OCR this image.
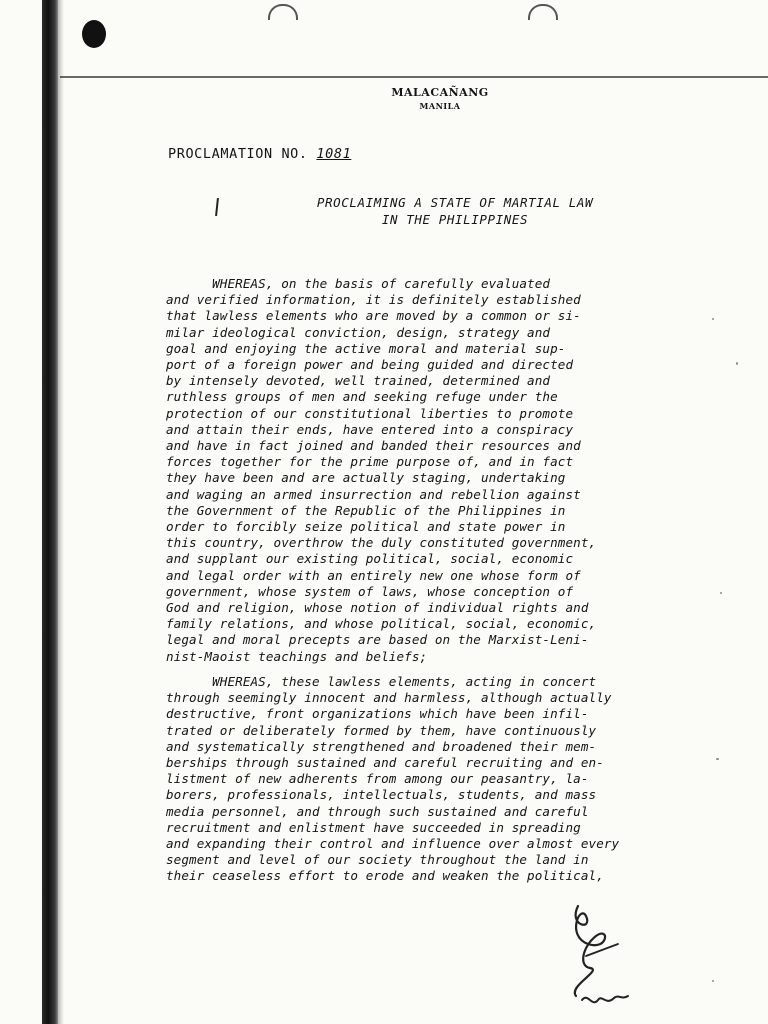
MALACAÑANG
MANILA
PROCLAMATION NO. 1081
PROCLAIMING A STATE OF MARTIAL LAW
IN THE PHILIPPINES
WHEREAS, on the basis of carefully evaluated
and verified information, it is definitely established
that lawless elements who are moved by a common or si-
milar ideological conviction, design, strategy and
goal and enjoying the active moral and material sup-
port of a foreign power and being guided and directed
by intensely devoted, well trained, determined and
ruthless groups of men and seeking refuge under the
protection of our constitutional liberties to promote
and attain their ends, have entered into a conspiracy
and have in fact joined and banded their resources and
forces together for the prime purpose of, and in fact
they have been and are actually staging, undertaking
and waging an armed insurrection and rebellion against
the Government of the Republic of the Philippines in
order to forcibly seize political and state power in
this country, overthrow the duly constituted government,
and supplant our existing political, social, economic
and legal order with an entirely new one whose form of
government, whose system of laws, whose conception of
God and religion, whose notion of individual rights and
family relations, and whose political, social, economic,
legal and moral precepts are based on the Marxist-Leni-
nist-Maoist teachings and beliefs;
WHEREAS, these lawless elements, acting in concert
through seemingly innocent and harmless, although actually
destructive, front organizations which have been infil-
trated or deliberately formed by them, have continuously
and systematically strengthened and broadened their mem-
berships through sustained and careful recruiting and en-
listment of new adherents from among our peasantry, la-
borers, professionals, intellectuals, students, and mass
media personnel, and through such sustained and careful
recruitment and enlistment have succeeded in spreading
and expanding their control and influence over almost every
segment and level of our society throughout the land in
their ceaseless effort to erode and weaken the political,
